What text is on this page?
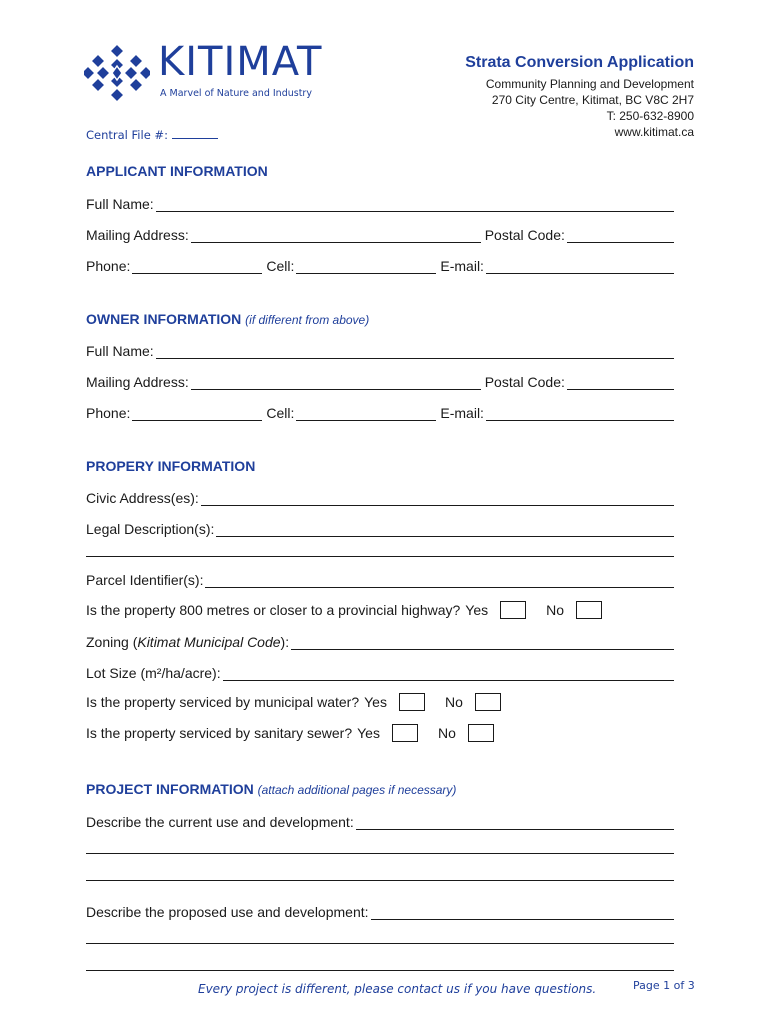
KITIMAT
A Marvel of Nature and Industry
Strata Conversion Application
Community Planning and Development
270 City Centre, Kitimat, BC V8C 2H7
T: 250-632-8900
www.kitimat.ca
Central File #:
APPLICANT INFORMATION
Full Name:
Mailing Address:	Postal Code:
Phone:	Cell:	E-mail:
OWNER INFORMATION (if different from above)
Full Name:
Mailing Address:	Postal Code:
Phone:	Cell:	E-mail:
PROPERY INFORMATION
Civic Address(es):
Legal Description(s):
Parcel Identifier(s):
Is the property 800 metres or closer to a provincial highway? Yes	No
Zoning (Kitimat Municipal Code):
Lot Size (m²/ha/acre):
Is the property serviced by municipal water? Yes	No
Is the property serviced by sanitary sewer? Yes	No
PROJECT INFORMATION (attach additional pages if necessary)
Describe the current use and development:
Describe the proposed use and development:
Every project is different, please contact us if you have questions.	Page 1 of 3
